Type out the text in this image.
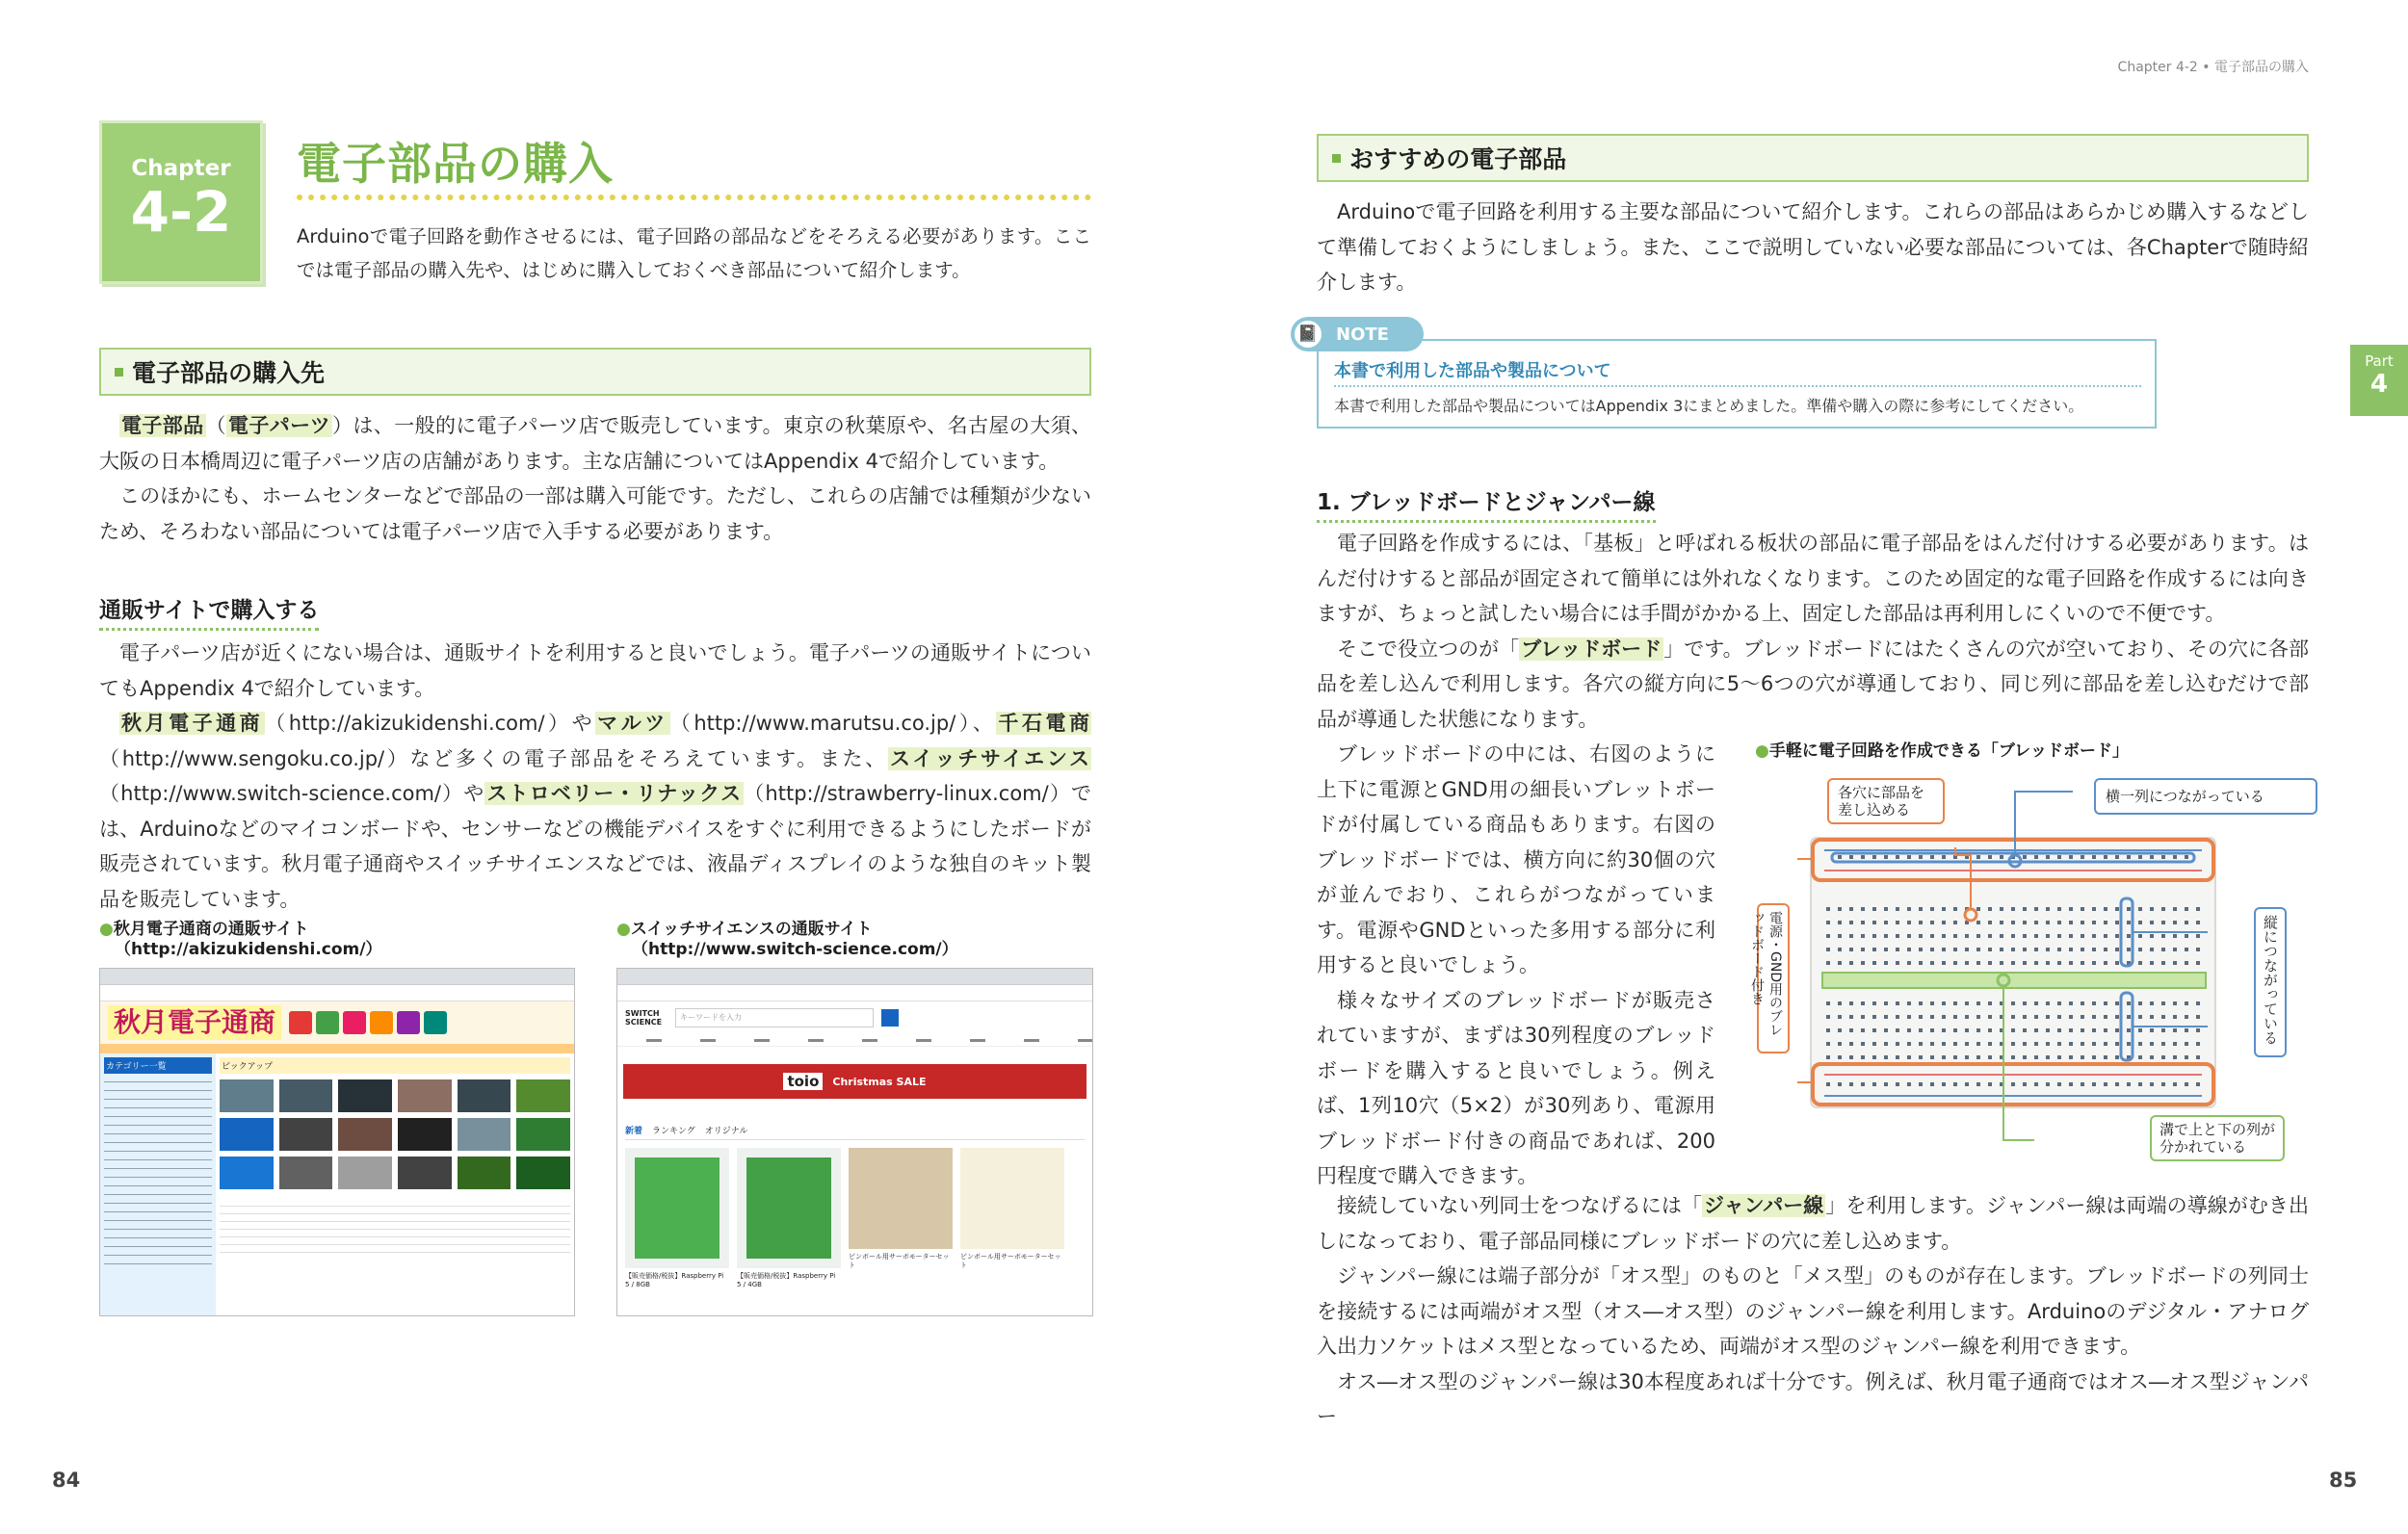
Chapter
4-2
電子部品の購入
Arduinoで電子回路を動作させるには、電子回路の部品などをそろえる必要があります。ここでは電子部品の購入先や、はじめに購入しておくべき部品について紹介します。
電子部品の購入先

電子部品（電子パーツ）は、一般的に電子パーツ店で販売しています。東京の秋葉原や、名古屋の大須、大阪の日本橋周辺に電子パーツ店の店舗があります。主な店舗についてはAppendix 4で紹介しています。

このほかにも、ホームセンターなどで部品の一部は購入可能です。ただし、これらの店舗では種類が少ないため、そろわない部品については電子パーツ店で入手する必要があります。

通販サイトで購入する

電子パーツ店が近くにない場合は、通販サイトを利用すると良いでしょう。電子パーツの通販サイトについてもAppendix 4で紹介しています。

秋月電子通商（http://akizukidenshi.com/）やマルツ（http://www.marutsu.co.jp/）、千石電商（http://www.sengoku.co.jp/）など多くの電子部品をそろえています。また、スイッチサイエンス（http://www.switch-science.com/）やストロベリー・リナックス（http://strawberry-linux.com/）では、Arduinoなどのマイコンボードや、センサーなどの機能デバイスをすぐに利用できるようにしたボードが販売されています。秋月電子通商やスイッチサイエンスなどでは、液晶ディスプレイのような独自のキット製品を販売しています。

●秋月電子通商の通販サイト
（http://akizukidenshi.com/）
秋月電子通商
カテゴリー一覧	ピックアップ
●スイッチサイエンスの通販サイト
（http://www.switch-science.com/）
SWITCH SCIENCE
キーワードを入力
toio	Christmas SALE
新着 ランキング オリジナル
【販売価格/税抜】Raspberry Pi 5 / 8GB
【販売価格/税抜】Raspberry Pi 5 / 4GB
ピンボール用サーボモーターセット
ピンボール用サーボモーターセット
84
Chapter 4-2 • 電子部品の購入
おすすめの電子部品

Arduinoで電子回路を利用する主要な部品について紹介します。これらの部品はあらかじめ購入するなどして準備しておくようにしましょう。また、ここで説明していない必要な部品については、各Chapterで随時紹介します。

本書で利用した部品や製品について
本書で利用した部品や製品についてはAppendix 3にまとめました。準備や購入の際に参考にしてください。
📓	NOTE
1. ブレッドボードとジャンパー線

電子回路を作成するには、「基板」と呼ばれる板状の部品に電子部品をはんだ付けする必要があります。はんだ付けすると部品が固定されて簡単には外れなくなります。このため固定的な電子回路を作成するには向きますが、ちょっと試したい場合には手間がかかる上、固定した部品は再利用しにくいので不便です。

そこで役立つのが「ブレッドボード」です。ブレッドボードにはたくさんの穴が空いており、その穴に各部品を差し込んで利用します。各穴の縦方向に5～6つの穴が導通しており、同じ列に部品を差し込むだけで部品が導通した状態になります。

ブレッドボードの中には、右図のように上下に電源とGND用の細長いブレットボードが付属している商品もあります。右図のブレッドボードでは、横方向に約30個の穴が並んでおり、これらがつながっています。電源やGNDといった多用する部分に利用すると良いでしょう。

様々なサイズのブレッドボードが販売されていますが、まずは30列程度のブレッドボードを購入すると良いでしょう。例えば、1列10穴（5×2）が30列あり、電源用ブレッドボード付きの商品であれば、200円程度で購入できます。

接続していない列同士をつなげるには「ジャンパー線」を利用します。ジャンパー線は両端の導線がむき出しになっており、電子部品同様にブレッドボードの穴に差し込めます。

ジャンパー線には端子部分が「オス型」のものと「メス型」のものが存在します。ブレッドボードの列同士を接続するには両端がオス型（オス―オス型）のジャンパー線を利用します。Arduinoのデジタル・アナログ入出力ソケットはメス型となっているため、両端がオス型のジャンパー線を利用できます。

オス―オス型のジャンパー線は30本程度あれば十分です。例えば、秋月電子通商ではオス―オス型ジャンパー

●手軽に電子回路を作成できる「ブレッドボード」
各穴に部品を差し込める
横一列につながっている
電源・GND用のブレッドボード付き	縦につながっている
溝で上と下の列が分かれている
Part
4
85
